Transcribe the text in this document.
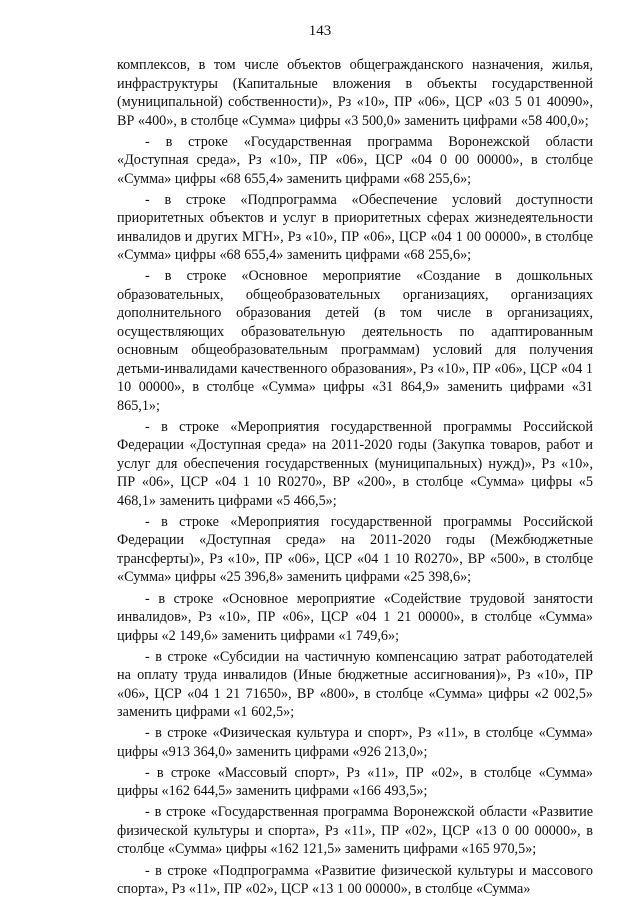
143

комплексов, в том числе объектов общегражданского назначения, жилья, инфраструктуры (Капитальные вложения в объекты государственной (муниципальной) собственности)», Рз «10», ПР «06», ЦСР «03 5 01 40090», ВР «400», в столбце «Сумма» цифры «3 500,0» заменить цифрами «58 400,0»;

- в строке «Государственная программа Воронежской области «Доступная среда», Рз «10», ПР «06», ЦСР «04 0 00 00000», в столбце «Сумма» цифры «68 655,4» заменить цифрами «68 255,6»;

- в строке «Подпрограмма «Обеспечение условий доступности приоритетных объектов и услуг в приоритетных сферах жизнедеятельности инвалидов и других МГН», Рз «10», ПР «06», ЦСР «04 1 00 00000», в столбце «Сумма» цифры «68 655,4» заменить цифрами «68 255,6»;

- в строке «Основное мероприятие «Создание в дошкольных образовательных, общеобразовательных организациях, организациях дополнительного образования детей (в том числе в организациях, осуществляющих образовательную деятельность по адаптированным основным общеобразовательным программам) условий для получения детьми-инвалидами качественного образования», Рз «10», ПР «06», ЦСР «04 1 10 00000», в столбце «Сумма» цифры «31 864,9» заменить цифрами «31 865,1»;

- в строке «Мероприятия государственной программы Российской Федерации «Доступная среда» на 2011-2020 годы (Закупка товаров, работ и услуг для обеспечения государственных (муниципальных) нужд)», Рз «10», ПР «06», ЦСР «04 1 10 R0270», ВР «200», в столбце «Сумма» цифры «5 468,1» заменить цифрами «5 466,5»;

- в строке «Мероприятия государственной программы Российской Федерации «Доступная среда» на 2011-2020 годы (Межбюджетные трансферты)», Рз «10», ПР «06», ЦСР «04 1 10 R0270», ВР «500», в столбце «Сумма» цифры «25 396,8» заменить цифрами «25 398,6»;

- в строке «Основное мероприятие «Содействие трудовой занятости инвалидов», Рз «10», ПР «06», ЦСР «04 1 21 00000», в столбце «Сумма» цифры «2 149,6» заменить цифрами «1 749,6»;

- в строке «Субсидии на частичную компенсацию затрат работодателей на оплату труда инвалидов (Иные бюджетные ассигнования)», Рз «10», ПР «06», ЦСР «04 1 21 71650», ВР «800», в столбце «Сумма» цифры «2 002,5» заменить цифрами «1 602,5»;

- в строке «Физическая культура и спорт», Рз «11», в столбце «Сумма» цифры «913 364,0» заменить цифрами «926 213,0»;

- в строке «Массовый спорт», Рз «11», ПР «02», в столбце «Сумма» цифры «162 644,5» заменить цифрами «166 493,5»;

- в строке «Государственная программа Воронежской области «Развитие физической культуры и спорта», Рз «11», ПР «02», ЦСР «13 0 00 00000», в столбце «Сумма» цифры «162 121,5» заменить цифрами «165 970,5»;

- в строке «Подпрограмма «Развитие физической культуры и массового спорта», Рз «11», ПР «02», ЦСР «13 1 00 00000», в столбце «Сумма»
